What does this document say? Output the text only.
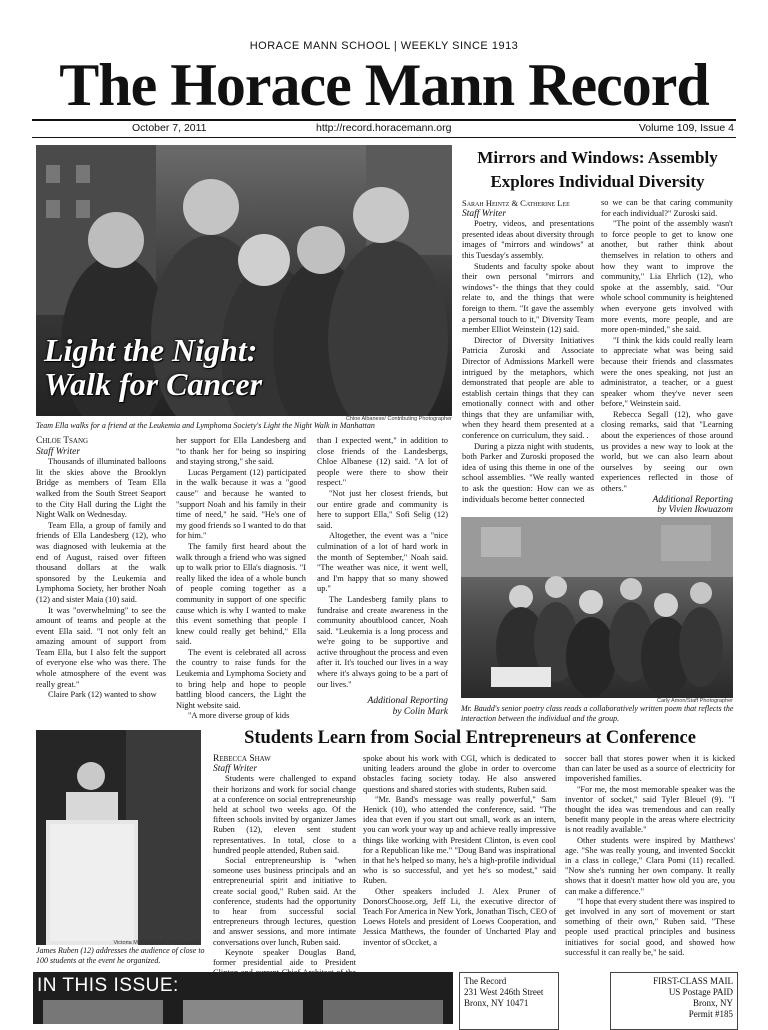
HORACE MANN SCHOOL | WEEKLY SINCE 1913
The Horace Mann Record
October 7, 2011	http://record.horacemann.org	Volume 109, Issue 4
Light the Night:
Walk for Cancer
Chloe Albanese/ Contributing Photographer
Team Ella walks for a friend at the Leukemia and Lymphoma Society's Light the Night Walk in Manhattan

Chloe Tsang

Staff Writer

Thousands of illuminated balloons lit the skies above the Brooklyn Bridge as members of Team Ella walked from the South Street Seaport to the City Hall during the Light the Night Walk on Wednesday.

Team Ella, a group of family and friends of Ella Landesberg (12), who was diagnosed with leukemia at the end of August, raised over fifteen thousand dollars at the walk sponsored by the Leukemia and Lymphoma Society, her brother Noah (12) and sister Maia (10) said.

It was "overwhelming" to see the amount of teams and people at the event Ella said. "I not only felt an amazing amount of support from Team Ella, but I also felt the support of everyone else who was there. The whole atmosphere of the event was really great."

Claire Park (12) wanted to show

her support for Ella Landesberg and "to thank her for being so inspiring and staying strong," she said.

Lucas Pergament (12) participated in the walk because it was a "good cause" and because he wanted to "support Noah and his family in their time of need," he said. "He's one of my good friends so I wanted to do that for him."

The family first heard about the walk through a friend who was signed up to walk prior to Ella's diagnosis. "I really liked the idea of a whole bunch of people coming together as a community in support of one specific cause which is why I wanted to make this event something that people I knew could really get behind," Ella said.

The event is celebrated all across the country to raise funds for the Leukemia and Lymphoma Society and to bring help and hope to people battling blood cancers, the Light the Night website said.

"A more diverse group of kids

than I expected went," in addition to close friends of the Landesbergs, Chloe Albanese (12) said. "A lot of people were there to show their respect."

"Not just her closest friends, but our entire grade and community is here to support Ella," Sofi Selig (12) said.

Altogether, the event was a "nice culmination of a lot of hard work in the month of September," Noah said. "The weather was nice, it went well, and I'm happy that so many showed up."

The Landesberg family plans to fundraise and create awareness in the community aboutblood cancer, Noah said. "Leukemia is a long process and we're going to be supportive and active throughout the process and even after it. It's touched our lives in a way where it's always going to be a part of our lives."

Additional Reporting

by Colin Mark

Mirrors and Windows: Assembly
Explores Individual Diversity

Sarah Heintz & Catherine Lee

Staff Writer

Poetry, videos, and presentations presented ideas about diversity through images of "mirrors and windows" at this Tuesday's assembly.

Students and faculty spoke about their own personal "mirrors and windows"- the things that they could relate to, and the things that were foreign to them. "It gave the assembly a personal touch to it," Diversity Team member Elliot Weinstein (12) said.

Director of Diversity Initiatives Patricia Zuroski and Associate Director of Admissions Markell were intrigued by the metaphors, which demonstrated that people are able to establish certain things that they can emotionally connect with and other things that they are unfamiliar with, when they heard them presented at a conference on curriculum, they said. .

During a pizza night with students, both Parker and Zuroski proposed the idea of using this theme in one of the school assemblies. "We really wanted to ask the question: How can we as individuals become better connected

so we can be that caring community for each individual?" Zuroski said.

"The point of the assembly wasn't to force people to get to know one another, but rather think about themselves in relation to others and how they want to improve the community," Lia Ehrlich (12), who spoke at the assembly, said. "Our whole school community is heightened when everyone gets involved with more events, more people, and are more open-minded," she said.

"I think the kids could really learn to appreciate what was being said because their friends and classmates were the ones speaking, not just an administrator, a teacher, or a guest speaker whom they've never seen before," Weinstein said.

Rebecca Segall (12), who gave closing remarks, said that "Learning about the experiences of those around us provides a new way to look at the world, but we can also learn about ourselves by seeing our own experiences reflected in those of others."

Additional Reporting

by Vivien Ikwuazom

Carly Amon/Staff Photographer
Mr. Baudd's senior poetry class reads a collaboratively written poem that reflects the interaction between the individual and the group.
Victoria McKahn/Staff Photographer
James Ruben (12) addresses the audience of close to 100 students at the event he organized.
Students Learn from Social Entrepreneurs at Conference

Rebecca Shaw

Staff Writer

Students were challenged to expand their horizons and work for social change at a conference on social entrepreneurship held at school two weeks ago. Of the fifteen schools invited by organizer James Ruben (12), eleven sent student representatives. In total, close to a hundred people attended, Ruben said.

Social entrepreneurship is "when someone uses business principals and an entrepreneurial spirit and initiative to create social good," Ruben said. At the conference, students had the opportunity to hear from successful social entrepreneurs through lectures, question and answer sessions, and more intimate conversations over lunch, Ruben said.

Keynote speaker Douglas Band, former presidential aide to President

spoke about his work with CGI, which is dedicated to uniting leaders around the globe in order to overcome obstacles facing society today. He also answered questions and shared stories with students, Ruben said.

"Mr. Band's message was really powerful," Sam Henick (10), who attended the conference, said. "The idea that even if you start out small, work as an intern, you can work your way up and achieve really impressive things like working with President Clinton, is even cool for a Republican like me." "Doug Band was inspirational in that he's helped so many, he's a high-profile individual who is so successful, and yet he's so modest," said Ruben.

Other speakers included J. Alex Pruner of DonorsChoose.org, Jeff Li, the executive director of Teach For America in New York, Jonathan Tisch, CEO of Loews Hotels and president of Loews Cooperation, and Jessica Matthews, the founder of Uncharted Play and inventor of sOccket, a

soccer ball that stores power when it is kicked than can later be used as a source of electricity for impoverished families.

"For me, the most memorable speaker was the inventor of socket," said Tyler Bleuel (9). "I thought the idea was tremendous and can really benefit many people in the areas where electricity is not readily available."

Other students were inspired by Matthews' age. "She was really young, and invented Socckit in a class in college," Clara Pomi (11) recalled. "Now she's running her own company. It really shows that it doesn't matter how old you are, you can make a difference."

"I hope that every student there was inspired to get involved in any sort of movement or start something of their own," Ruben said. "These people used practical principles and business initiatives for social good, and showed how successful it can really be," he said.

IN THIS ISSUE:	The Record
231 West 246th Street
Bronx, NY 10471
FIRST-CLASS MAIL
US Postage PAID
Bronx, NY
Permit #185
